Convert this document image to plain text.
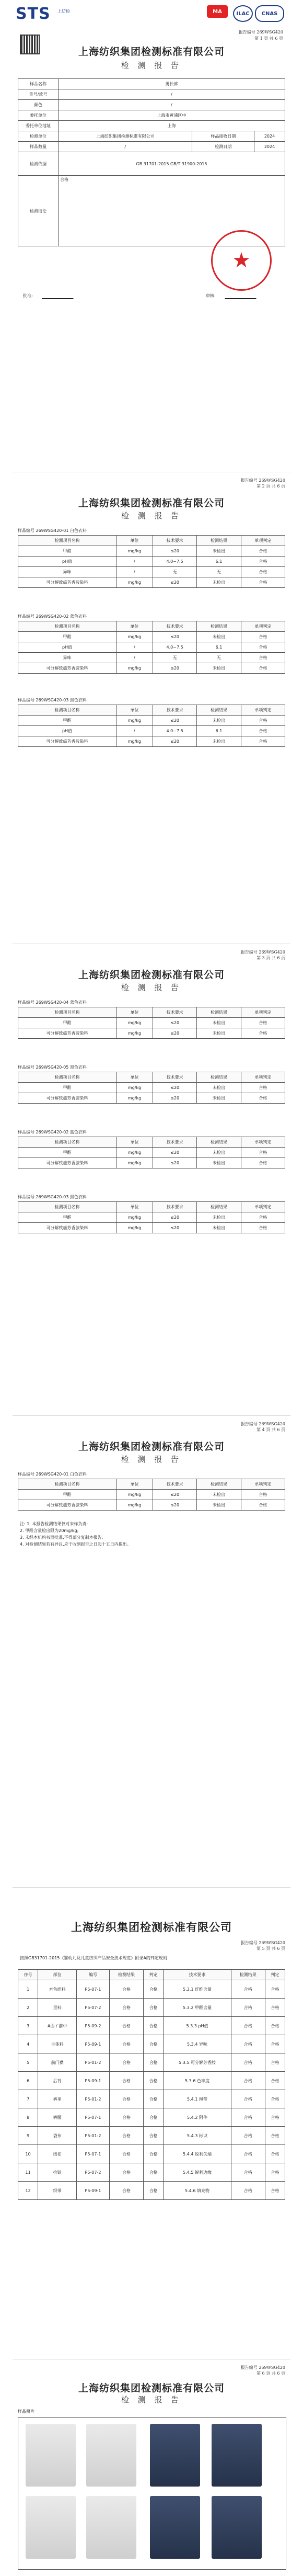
STS 上纺检	MA	ILAC	CNAS
报告编号 269WSG420
第 1 页 共 6 页
上海纺织集团检测标准有限公司
检 测 报 告
样品名称	男长裤		
货号/款号	/		
颜色	/		
委托单位	上海市黄浦区中		
委托单位地址	上海		
检测单位	上海纺织集团检测标准有限公司	样品接收日期	2024
样品数量	/	检测日期	2024
检测依据	GB 31701-2015 GB/T 31900-2015		
检测结论	合格		
★
批准:	审核:
报告编号 269WSG420
第 2 页 共 6 页
上海纺织集团检测标准有限公司
检 测 报 告
样品编号 269WSG420-01 白色衣料
检测项目名称	单位	技术要求	检测结果	单项判定
甲醛	mg/kg	≤20	未检出	合格
pH值	/	4.0~7.5	6.1	合格
异味	/	无	无	合格
可分解致癌芳香胺染料	mg/kg	≤20	未检出	合格
样品编号 269WSG420-02 蓝色衣料
检测项目名称	单位	技术要求	检测结果	单项判定
甲醛	mg/kg	≤20	未检出	合格
pH值	/	4.0~7.5	6.1	合格
异味	/	无	无	合格
可分解致癌芳香胺染料	mg/kg	≤20	未检出	合格
样品编号 269WSG420-03 黑色衣料
检测项目名称	单位	技术要求	检测结果	单项判定
甲醛	mg/kg	≤20	未检出	合格
pH值	/	4.0~7.5	6.1	合格
可分解致癌芳香胺染料	mg/kg	≤20	未检出	合格
报告编号 269WSG420
第 3 页 共 6 页
上海纺织集团检测标准有限公司
检 测 报 告
样品编号 269WSG420-04 蓝色衣料
检测项目名称	单位	技术要求	检测结果	单项判定
甲醛	mg/kg	≤20	未检出	合格
可分解致癌芳香胺染料	mg/kg	≤20	未检出	合格
样品编号 269WSG420-05 黑色衣料
检测项目名称	单位	技术要求	检测结果	单项判定
甲醛	mg/kg	≤20	未检出	合格
可分解致癌芳香胺染料	mg/kg	≤20	未检出	合格
样品编号 269WSG420-02 蓝色衣料
检测项目名称	单位	技术要求	检测结果	单项判定
甲醛	mg/kg	≤20	未检出	合格
可分解致癌芳香胺染料	mg/kg	≤20	未检出	合格
样品编号 269WSG420-03 黑色衣料
检测项目名称	单位	技术要求	检测结果	单项判定
甲醛	mg/kg	≤20	未检出	合格
可分解致癌芳香胺染料	mg/kg	≤20	未检出	合格
报告编号 269WSG420
第 4 页 共 6 页
上海纺织集团检测标准有限公司
检 测 报 告
样品编号 269WSG420-01 白色衣料
检测项目名称	单位	技术要求	检测结果	单项判定
甲醛	mg/kg	≤20	未检出	合格
可分解致癌芳香胺染料	mg/kg	≤20	未检出	合格
注: 1. 本报告检测结果仅对来样负责;
2. 甲醛含量检出限为20mg/kg;
3. 未经本机构书面批准,不得部分复制本报告;
4. 对检测结果若有异议,应于收到报告之日起十五日内提出。
上海纺织集团检测标准有限公司
报告编号 269WSG420
第 5 页 共 6 页
按照GB31701-2015《婴幼儿及儿童纺织产品安全技术规范》附录A的判定规则
序号	部位	编号	检测结果	判定	技术要求	检测结果	判定
1	本色面料	P5-07-1	合格	合格	5.3.1 纤维含量	合格	合格
2	里料	P5-07-2	合格	合格	5.3.2 甲醛含量	合格	合格
3	A面 / 前中	P5-09-2	合格	合格	5.3.3 pH值	合格	合格
4	主体料	P5-09-1	合格	合格	5.3.4 异味	合格	合格
5	前门襟	P5-01-2	合格	合格	5.3.5 可分解芳香胺	合格	合格
6	后背	P5-09-1	合格	合格	5.3.6 色牢度	合格	合格
7	裤里	P5-01-2	合格	合格	5.4.1 绳带	合格	合格
8	裤腰	P5-07-1	合格	合格	5.4.2 附件	合格	合格
9	袋布	P5-01-2	合格	合格	5.4.3 标识	合格	合格
10	纽扣	P5-07-1	合格	合格	5.4.4 锐利尖端	合格	合格
11	拉链	P5-07-2	合格	合格	5.4.5 锐利边缘	合格	合格
12	织带	P5-09-1	合格	合格	5.4.6 填充物	合格	合格
报告编号 269WSG420
第 6 页 共 6 页
上海纺织集团检测标准有限公司
检 测 报 告
样品照片
